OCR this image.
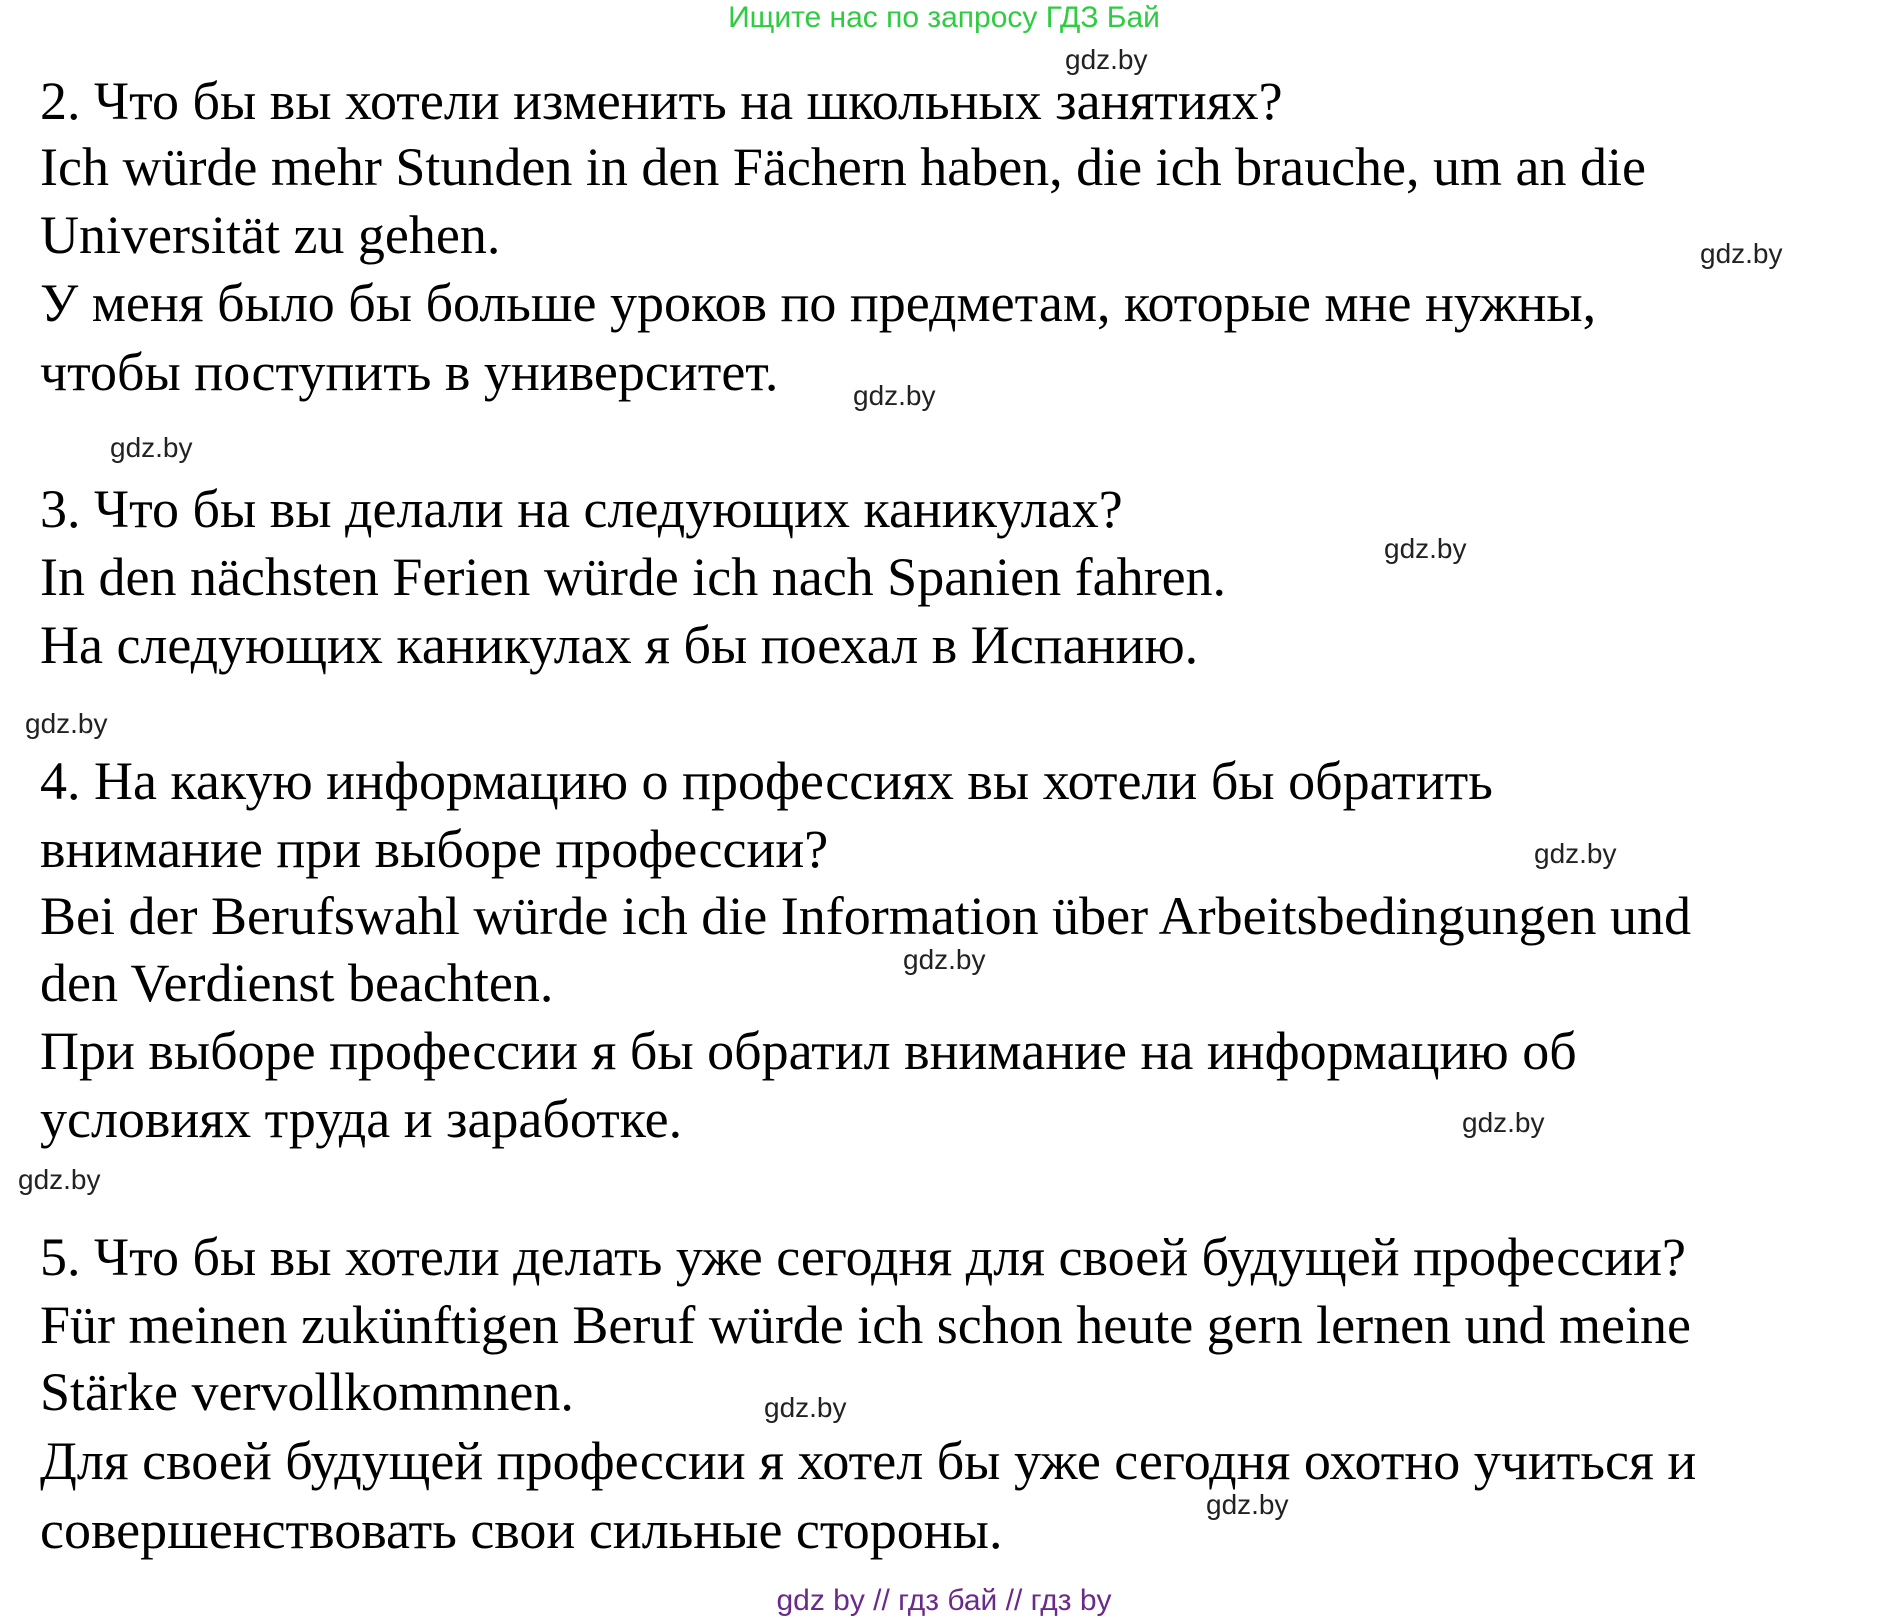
Ищите нас по запросу ГДЗ Бай
2. Что бы вы хотели изменить на школьных занятиях?
Ich würde mehr Stunden in den Fächern haben, die ich brauche, um an die
Universität zu gehen.
У меня было бы больше уроков по предметам, которые мне нужны,
чтобы поступить в университет.
3. Что бы вы делали на следующих каникулах?
In den nächsten Ferien würde ich nach Spanien fahren.
На следующих каникулах я бы поехал в Испанию.
4. На какую информацию о профессиях вы хотели бы обратить
внимание при выборе профессии?
Bei der Berufswahl würde ich die Information über Arbeitsbedingungen und
den Verdienst beachten.
При выборе профессии я бы обратил внимание на информацию об
условиях труда и заработке.
5. Что бы вы хотели делать уже сегодня для своей будущей профессии?
Für meinen zukünftigen Beruf würde ich schon heute gern lernen und meine
Stärke vervollkommnen.
Для своей будущей профессии я хотел бы уже сегодня охотно учиться и
совершенствовать свои сильные стороны.
gdz.by
gdz.by
gdz.by
gdz.by
gdz.by
gdz.by
gdz.by
gdz.by
gdz.by
gdz.by
gdz.by
gdz.by
gdz by // гдз бай // гдз by
